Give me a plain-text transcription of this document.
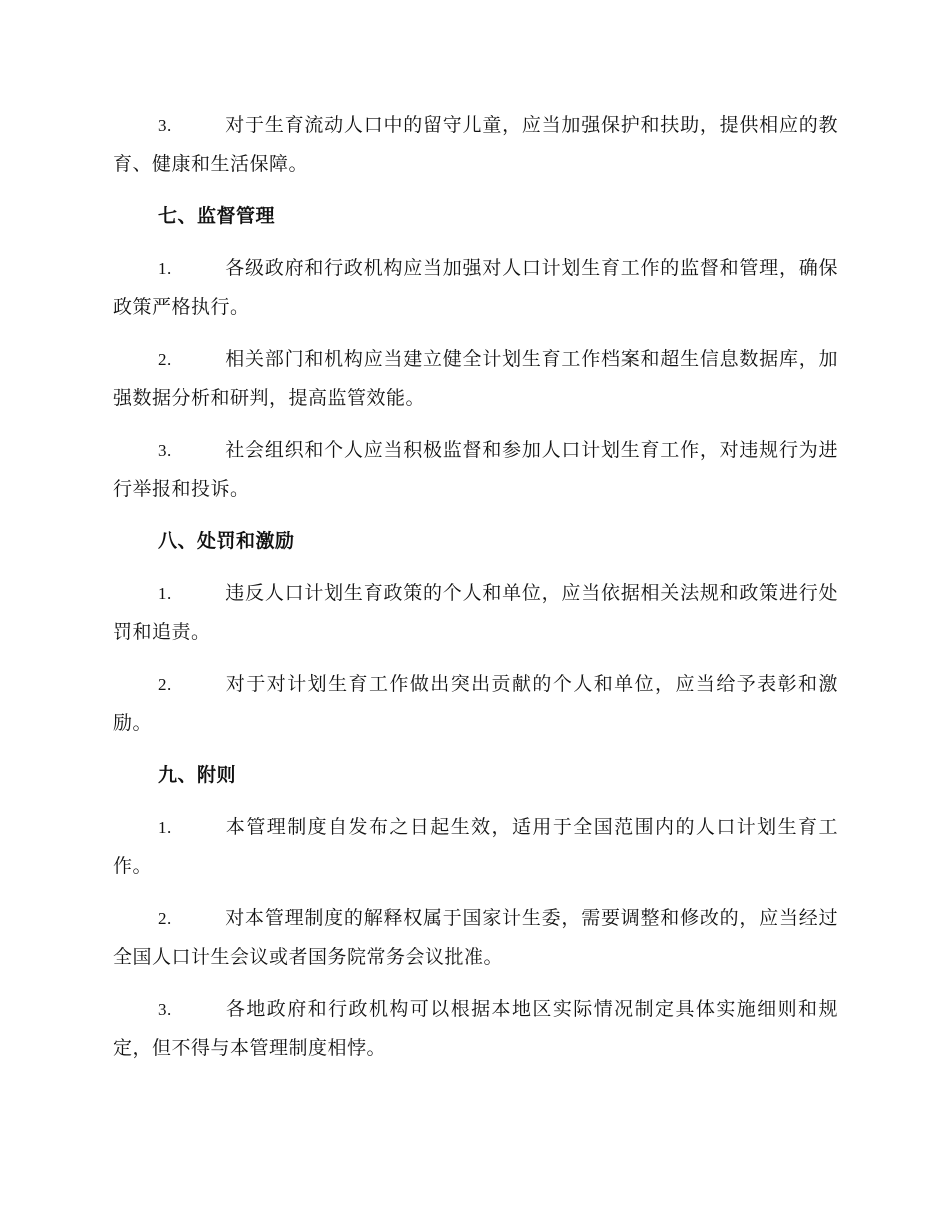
3.	对于生育流动人口中的留守儿童，应当加强保护和扶助，提供相应的教育、健康和生活保障。

七、监督管理

1.	各级政府和行政机构应当加强对人口计划生育工作的监督和管理，确保政策严格执行。

2.	相关部门和机构应当建立健全计划生育工作档案和超生信息数据库，加强数据分析和研判，提高监管效能。

3.	社会组织和个人应当积极监督和参加人口计划生育工作，对违规行为进行举报和投诉。

八、处罚和激励

1.	违反人口计划生育政策的个人和单位，应当依据相关法规和政策进行处罚和追责。

2.	对于对计划生育工作做出突出贡献的个人和单位，应当给予表彰和激励。

九、附则

1.	本管理制度自发布之日起生效，适用于全国范围内的人口计划生育工作。

2.	对本管理制度的解释权属于国家计生委，需要调整和修改的，应当经过全国人口计生会议或者国务院常务会议批准。

3.	各地政府和行政机构可以根据本地区实际情况制定具体实施细则和规定，但不得与本管理制度相悖。
